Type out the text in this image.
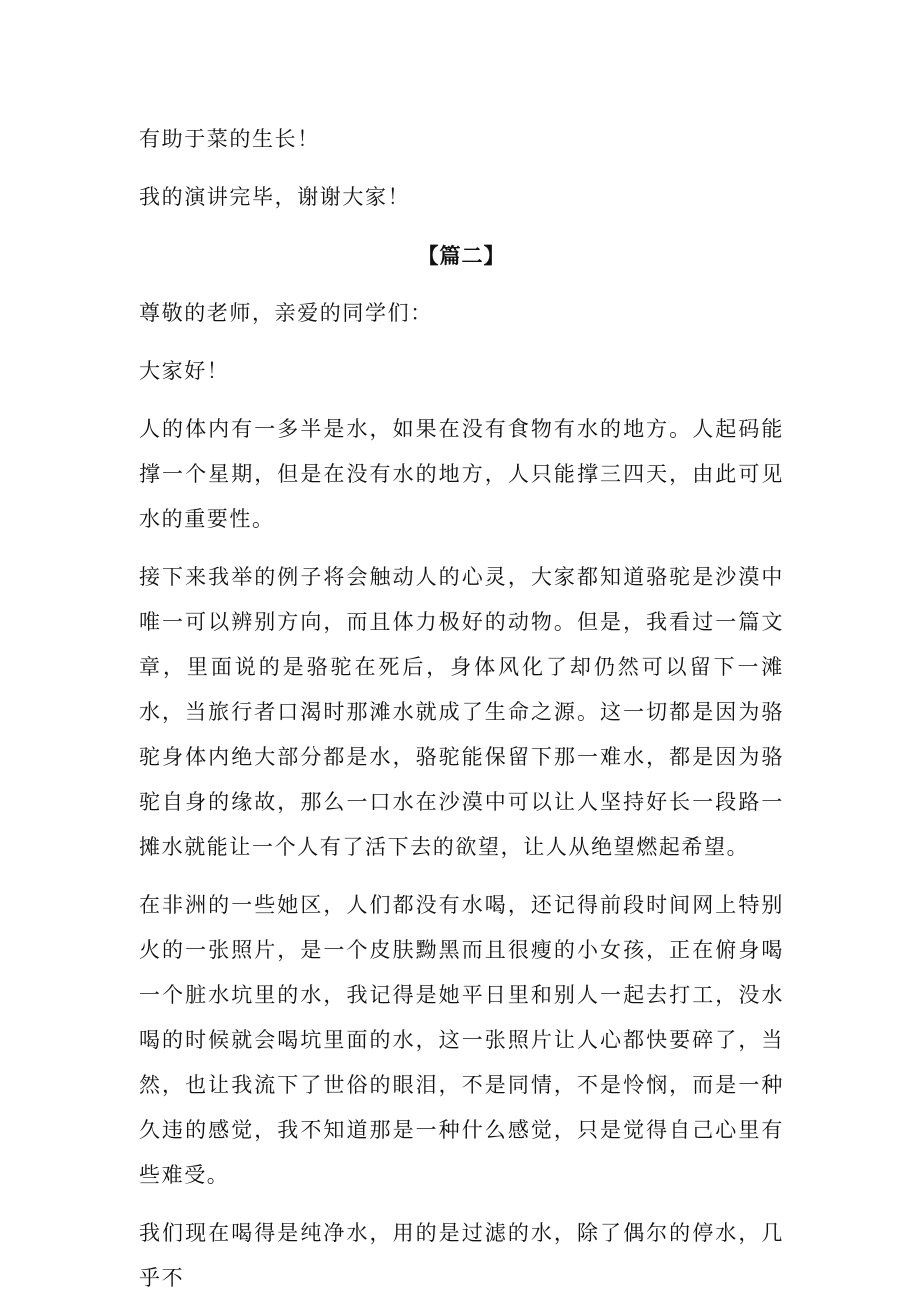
有助于菜的生长！

我的演讲完毕，谢谢大家！

【篇二】

尊敬的老师，亲爱的同学们：

大家好！

人的体内有一多半是水，如果在没有食物有水的地方。人起码能撑一个星期，但是在没有水的地方，人只能撑三四天，由此可见水的重要性。

接下来我举的例子将会触动人的心灵，大家都知道骆驼是沙漠中唯一可以辨别方向，而且体力极好的动物。但是，我看过一篇文章，里面说的是骆驼在死后，身体风化了却仍然可以留下一滩水，当旅行者口渴时那滩水就成了生命之源。这一切都是因为骆驼身体内绝大部分都是水，骆驼能保留下那一难水，都是因为骆驼自身的缘故，那么一口水在沙漠中可以让人坚持好长一段路一摊水就能让一个人有了活下去的欲望，让人从绝望燃起希望。

在非洲的一些她区，人们都没有水喝，还记得前段时间网上特别火的一张照片，是一个皮肤黝黑而且很瘦的小女孩，正在俯身喝一个脏水坑里的水，我记得是她平日里和别人一起去打工，没水喝的时候就会喝坑里面的水，这一张照片让人心都快要碎了，当然，也让我流下了世俗的眼泪，不是同情，不是怜悯，而是一种久违的感觉，我不知道那是一种什么感觉，只是觉得自己心里有些难受。

我们现在喝得是纯净水，用的是过滤的水，除了偶尔的停水，几乎不
